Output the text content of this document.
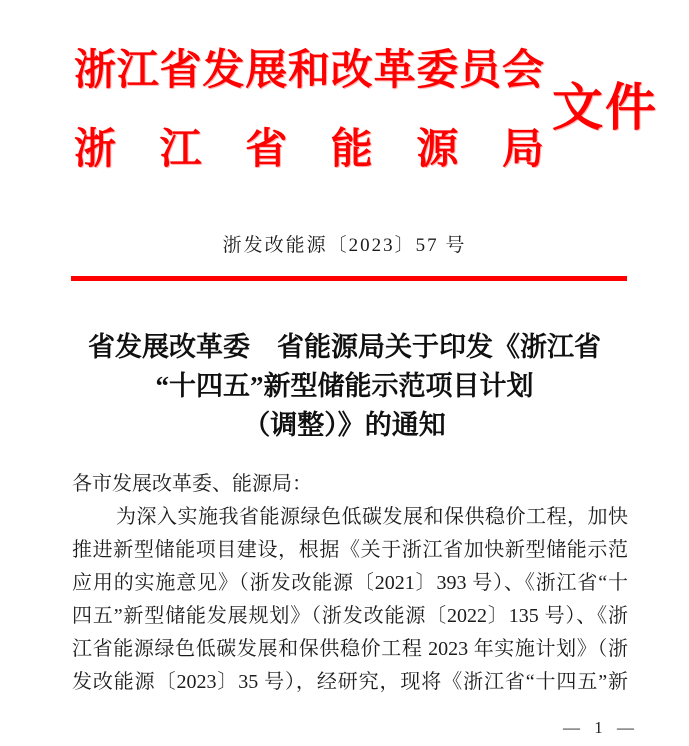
浙江省发展和改革委员会
浙江省能源局
文件
浙发改能源〔2023〕57 号
省发展改革委　省能源局关于印发《浙江省
“十四五”新型储能示范项目计划
（调整）》的通知
各市发展改革委、能源局：
为深入实施我省能源绿色低碳发展和保供稳价工程，加快
推进新型储能项目建设，根据《关于浙江省加快新型储能示范
应用的实施意见》（浙发改能源〔2021〕393 号）、《浙江省“十
四五”新型储能发展规划》（浙发改能源〔2022〕135 号）、《浙
江省能源绿色低碳发展和保供稳价工程 2023 年实施计划》（浙
发改能源〔2023〕35 号），经研究，现将《浙江省“十四五”新
— 1 —
